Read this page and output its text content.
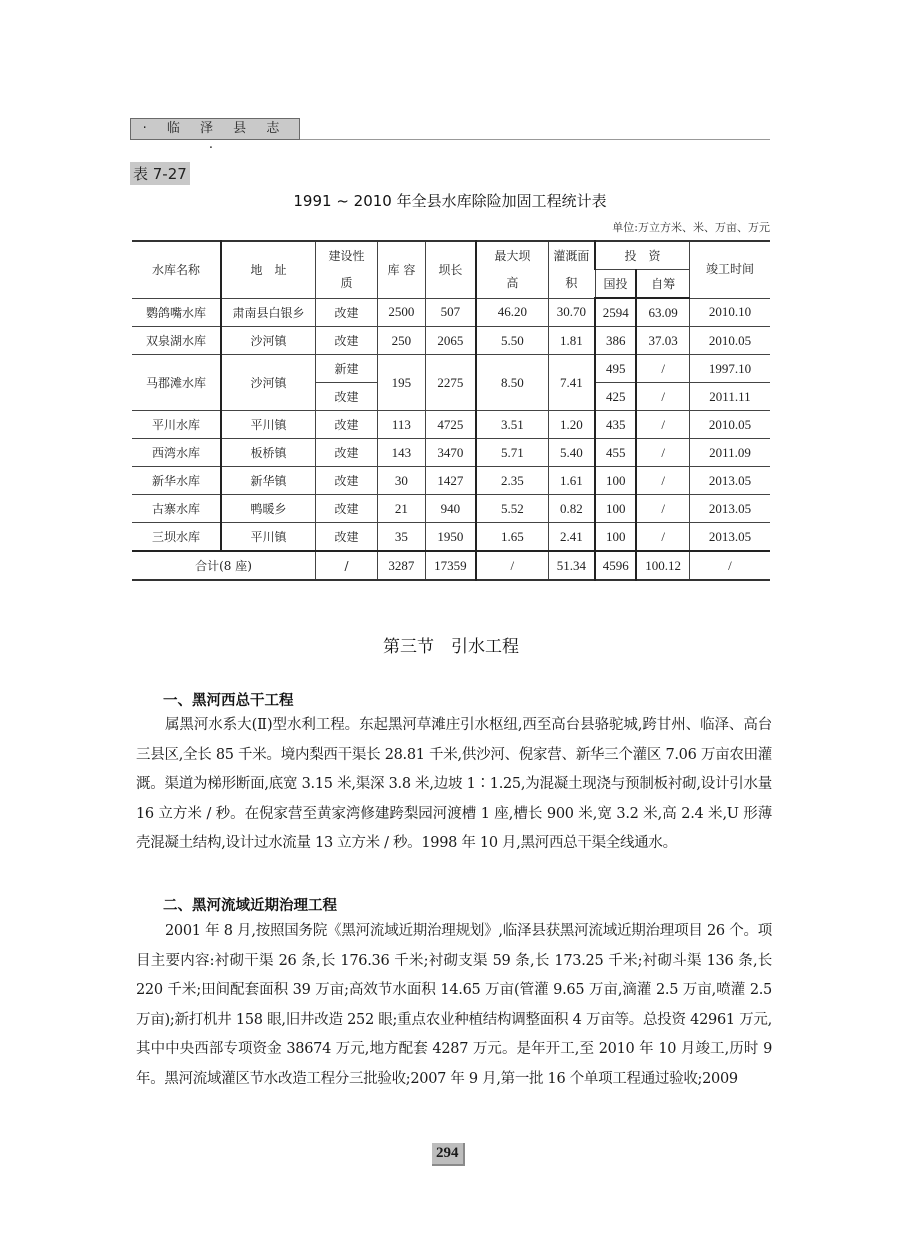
· 临 泽 县 志 ·
表 7-27
1991 ~ 2010 年全县水库除险加固工程统计表
单位:万立方米、米、万亩、万元
水库名称	地　址	建设性质	库 容	坝长	最大坝高	灌溉面积	投　资		竣工时间
							国投	自筹	
鹦鸽嘴水库	肃南县白银乡	改建	2500	507	46.20	30.70	2594	63.09	2010.10
双泉湖水库	沙河镇	改建	250	2065	5.50	1.81	386	37.03	2010.05
马郡滩水库	沙河镇	新建	195	2275	8.50	7.41	495	/	1997.10
		改建					425	/	2011.11
平川水库	平川镇	改建	113	4725	3.51	1.20	435	/	2010.05
西湾水库	板桥镇	改建	143	3470	5.71	5.40	455	/	2011.09
新华水库	新华镇	改建	30	1427	2.35	1.61	100	/	2013.05
古寨水库	鸭暖乡	改建	21	940	5.52	0.82	100	/	2013.05
三坝水库	平川镇	改建	35	1950	1.65	2.41	100	/	2013.05
合计(8 座)		/	3287	17359	/	51.34	4596	100.12	/
第三节　引水工程
一、黑河西总干工程
属黑河水系大(Ⅱ)型水利工程。东起黑河草滩庄引水枢纽,西至高台县骆驼城,跨甘州、临泽、高台三县区,全长 85 千米。境内梨西干渠长 28.81 千米,供沙河、倪家营、新华三个灌区 7.06 万亩农田灌溉。渠道为梯形断面,底宽 3.15 米,渠深 3.8 米,边坡 1∶1.25,为混凝土现浇与预制板衬砌,设计引水量 16 立方米 / 秒。在倪家营至黄家湾修建跨梨园河渡槽 1 座,槽长 900 米,宽 3.2 米,高 2.4 米,U 形薄壳混凝土结构,设计过水流量 13 立方米 / 秒。1998 年 10 月,黑河西总干渠全线通水。
二、黑河流域近期治理工程
2001 年 8 月,按照国务院《黑河流域近期治理规划》,临泽县获黑河流域近期治理项目 26 个。项目主要内容:衬砌干渠 26 条,长 176.36 千米;衬砌支渠 59 条,长 173.25 千米;衬砌斗渠 136 条,长 220 千米;田间配套面积 39 万亩;高效节水面积 14.65 万亩(管灌 9.65 万亩,滴灌 2.5 万亩,喷灌 2.5 万亩);新打机井 158 眼,旧井改造 252 眼;重点农业种植结构调整面积 4 万亩等。总投资 42961 万元, 其中中央西部专项资金 38674 万元,地方配套 4287 万元。是年开工,至 2010 年 10 月竣工,历时 9 年。黑河流域灌区节水改造工程分三批验收;2007 年 9 月,第一批 16 个单项工程通过验收;2009
294
